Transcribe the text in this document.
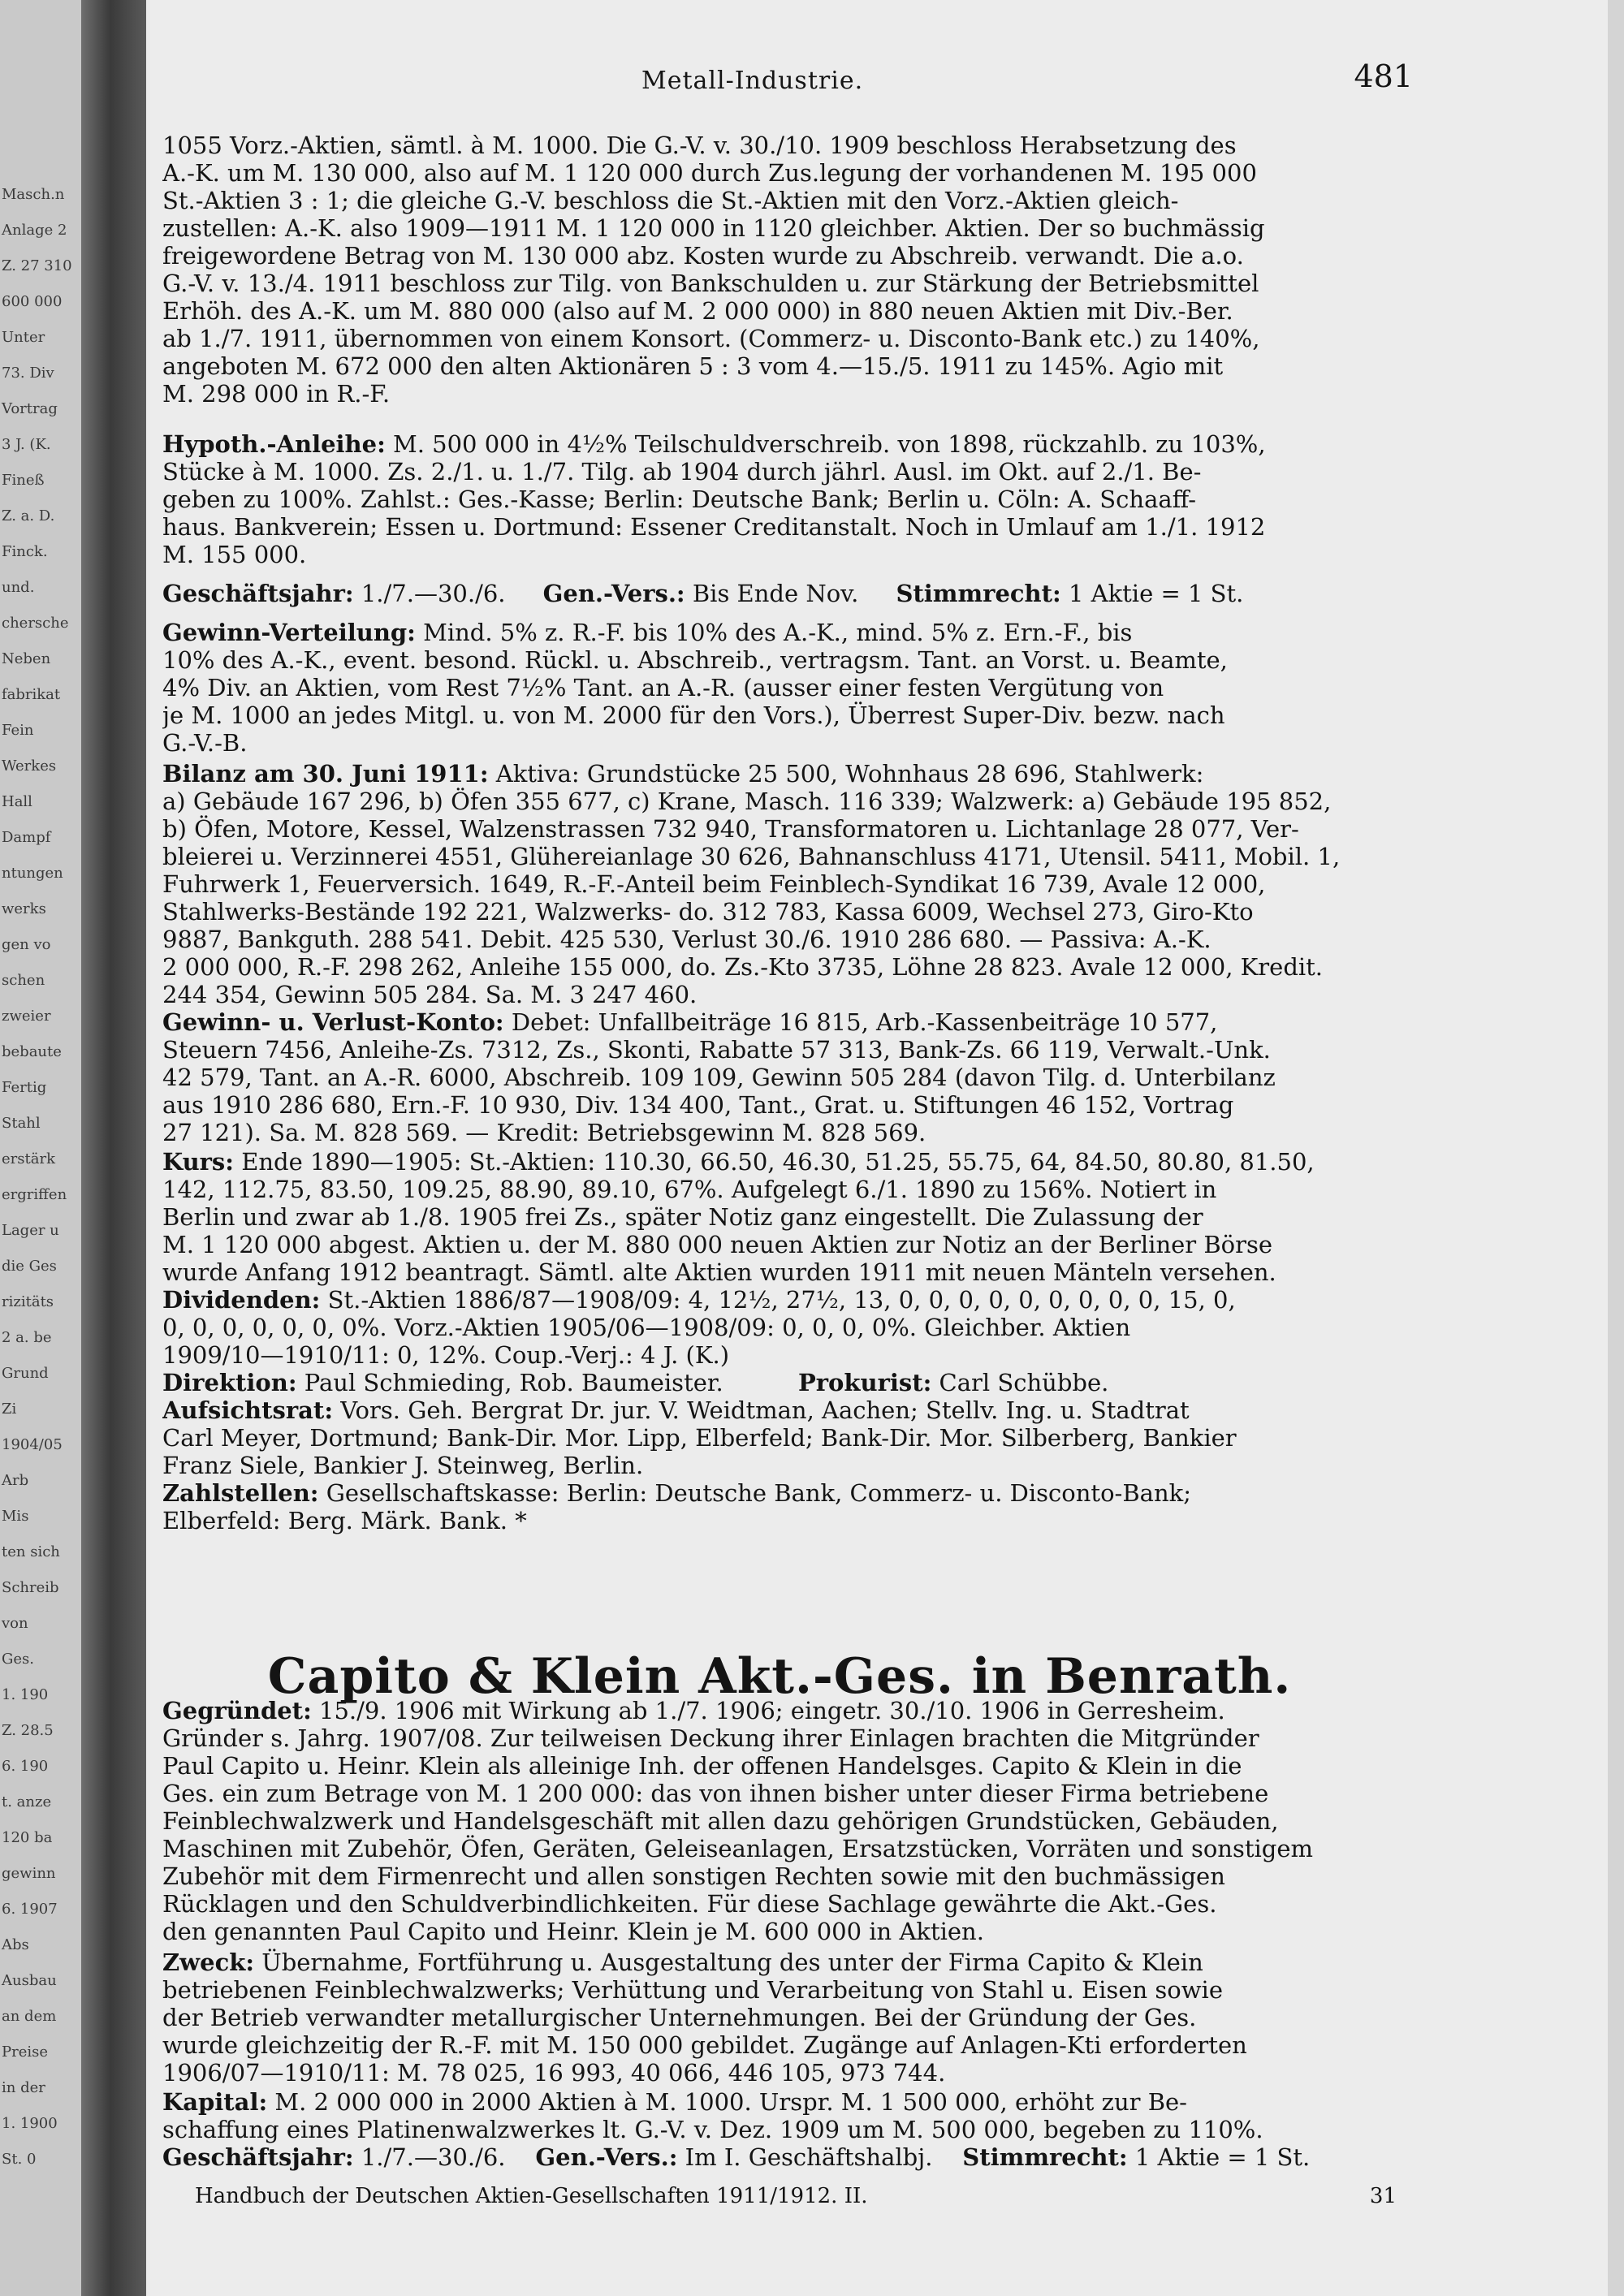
Masch.n
Anlage 2
Z. 27 310
600 000
Unter
73. Div
Vortrag
3 J. (K.
Fineß
Z. a. D.
Finck.
und.
chersche
Neben
fabrikat
Fein
Werkes
Hall
Dampf
ntungen
werks
gen vo
schen
zweier
bebaute
Fertig
Stahl
erstärk
ergriffen
Lager u
die Ges
rizitäts
2 a. be
Grund
Zi
1904/05
Arb
Mis
ten sich
Schreib
von
Ges.
1. 190
Z. 28.5
6. 190
t. anze
120 ba
gewinn
6. 1907
Abs
Ausbau
an dem
Preise
in der
1. 1900
St. 0
Metall-Industrie.	481
1055 Vorz.-Aktien, sämtl. à M. 1000. Die G.-V. v. 30./10. 1909 beschloss Herabsetzung des
A.-K. um M. 130 000, also auf M. 1 120 000 durch Zus.legung der vorhandenen M. 195 000
St.-Aktien 3 : 1; die gleiche G.-V. beschloss die St.-Aktien mit den Vorz.-Aktien gleich-
zustellen: A.-K. also 1909—1911 M. 1 120 000 in 1120 gleichber. Aktien. Der so buchmässig
freigewordene Betrag von M. 130 000 abz. Kosten wurde zu Abschreib. verwandt. Die a.o.
G.-V. v. 13./4. 1911 beschloss zur Tilg. von Bankschulden u. zur Stärkung der Betriebsmittel
Erhöh. des A.-K. um M. 880 000 (also auf M. 2 000 000) in 880 neuen Aktien mit Div.-Ber.
ab 1./7. 1911, übernommen von einem Konsort. (Commerz- u. Disconto-Bank etc.) zu 140%,
angeboten M. 672 000 den alten Aktionären 5 : 3 vom 4.—15./5. 1911 zu 145%. Agio mit
M. 298 000 in R.-F.
Hypoth.-Anleihe: M. 500 000 in 4½% Teilschuldverschreib. von 1898, rückzahlb. zu 103%,
Stücke à M. 1000. Zs. 2./1. u. 1./7. Tilg. ab 1904 durch jährl. Ausl. im Okt. auf 2./1. Be-
geben zu 100%. Zahlst.: Ges.-Kasse; Berlin: Deutsche Bank; Berlin u. Cöln: A. Schaaff-
haus. Bankverein; Essen u. Dortmund: Essener Creditanstalt. Noch in Umlauf am 1./1. 1912
M. 155 000.
Geschäftsjahr: 1./7.—30./6. Gen.-Vers.: Bis Ende Nov. Stimmrecht: 1 Aktie = 1 St.
Gewinn-Verteilung: Mind. 5% z. R.-F. bis 10% des A.-K., mind. 5% z. Ern.-F., bis
10% des A.-K., event. besond. Rückl. u. Abschreib., vertragsm. Tant. an Vorst. u. Beamte,
4% Div. an Aktien, vom Rest 7½% Tant. an A.-R. (ausser einer festen Vergütung von
je M. 1000 an jedes Mitgl. u. von M. 2000 für den Vors.), Überrest Super-Div. bezw. nach
G.-V.-B.
Bilanz am 30. Juni 1911: Aktiva: Grundstücke 25 500, Wohnhaus 28 696, Stahlwerk:
a) Gebäude 167 296, b) Öfen 355 677, c) Krane, Masch. 116 339; Walzwerk: a) Gebäude 195 852,
b) Öfen, Motore, Kessel, Walzenstrassen 732 940, Transformatoren u. Lichtanlage 28 077, Ver-
bleierei u. Verzinnerei 4551, Glühereianlage 30 626, Bahnanschluss 4171, Utensil. 5411, Mobil. 1,
Fuhrwerk 1, Feuerversich. 1649, R.-F.-Anteil beim Feinblech-Syndikat 16 739, Avale 12 000,
Stahlwerks-Bestände 192 221, Walzwerks- do. 312 783, Kassa 6009, Wechsel 273, Giro-Kto
9887, Bankguth. 288 541. Debit. 425 530, Verlust 30./6. 1910 286 680. — Passiva: A.-K.
2 000 000, R.-F. 298 262, Anleihe 155 000, do. Zs.-Kto 3735, Löhne 28 823. Avale 12 000, Kredit.
244 354, Gewinn 505 284. Sa. M. 3 247 460.
Gewinn- u. Verlust-Konto: Debet: Unfallbeiträge 16 815, Arb.-Kassenbeiträge 10 577,
Steuern 7456, Anleihe-Zs. 7312, Zs., Skonti, Rabatte 57 313, Bank-Zs. 66 119, Verwalt.-Unk.
42 579, Tant. an A.-R. 6000, Abschreib. 109 109, Gewinn 505 284 (davon Tilg. d. Unterbilanz
aus 1910 286 680, Ern.-F. 10 930, Div. 134 400, Tant., Grat. u. Stiftungen 46 152, Vortrag
27 121). Sa. M. 828 569. — Kredit: Betriebsgewinn M. 828 569.
Kurs: Ende 1890—1905: St.-Aktien: 110.30, 66.50, 46.30, 51.25, 55.75, 64, 84.50, 80.80, 81.50,
142, 112.75, 83.50, 109.25, 88.90, 89.10, 67%. Aufgelegt 6./1. 1890 zu 156%. Notiert in
Berlin und zwar ab 1./8. 1905 frei Zs., später Notiz ganz eingestellt. Die Zulassung der
M. 1 120 000 abgest. Aktien u. der M. 880 000 neuen Aktien zur Notiz an der Berliner Börse
wurde Anfang 1912 beantragt. Sämtl. alte Aktien wurden 1911 mit neuen Mänteln versehen.
Dividenden: St.-Aktien 1886/87—1908/09: 4, 12½, 27½, 13, 0, 0, 0, 0, 0, 0, 0, 0, 0, 15, 0,
0, 0, 0, 0, 0, 0, 0%. Vorz.-Aktien 1905/06—1908/09: 0, 0, 0, 0%. Gleichber. Aktien
1909/10—1910/11: 0, 12%. Coup.-Verj.: 4 J. (K.)
Direktion: Paul Schmieding, Rob. Baumeister.	Prokurist: Carl Schübbe.
Aufsichtsrat: Vors. Geh. Bergrat Dr. jur. V. Weidtman, Aachen; Stellv. Ing. u. Stadtrat
Carl Meyer, Dortmund; Bank-Dir. Mor. Lipp, Elberfeld; Bank-Dir. Mor. Silberberg, Bankier
Franz Siele, Bankier J. Steinweg, Berlin.
Zahlstellen: Gesellschaftskasse: Berlin: Deutsche Bank, Commerz- u. Disconto-Bank;
Elberfeld: Berg. Märk. Bank. *
Capito & Klein Akt.-Ges. in Benrath.
Gegründet: 15./9. 1906 mit Wirkung ab 1./7. 1906; eingetr. 30./10. 1906 in Gerresheim.
Gründer s. Jahrg. 1907/08. Zur teilweisen Deckung ihrer Einlagen brachten die Mitgründer
Paul Capito u. Heinr. Klein als alleinige Inh. der offenen Handelsges. Capito & Klein in die
Ges. ein zum Betrage von M. 1 200 000: das von ihnen bisher unter dieser Firma betriebene
Feinblechwalzwerk und Handelsgeschäft mit allen dazu gehörigen Grundstücken, Gebäuden,
Maschinen mit Zubehör, Öfen, Geräten, Geleiseanlagen, Ersatzstücken, Vorräten und sonstigem
Zubehör mit dem Firmenrecht und allen sonstigen Rechten sowie mit den buchmässigen
Rücklagen und den Schuldverbindlichkeiten. Für diese Sachlage gewährte die Akt.-Ges.
den genannten Paul Capito und Heinr. Klein je M. 600 000 in Aktien.
Zweck: Übernahme, Fortführung u. Ausgestaltung des unter der Firma Capito & Klein
betriebenen Feinblechwalzwerks; Verhüttung und Verarbeitung von Stahl u. Eisen sowie
der Betrieb verwandter metallurgischer Unternehmungen. Bei der Gründung der Ges.
wurde gleichzeitig der R.-F. mit M. 150 000 gebildet. Zugänge auf Anlagen-Kti erforderten
1906/07—1910/11: M. 78 025, 16 993, 40 066, 446 105, 973 744.
Kapital: M. 2 000 000 in 2000 Aktien à M. 1000. Urspr. M. 1 500 000, erhöht zur Be-
schaffung eines Platinenwalzwerkes lt. G.-V. v. Dez. 1909 um M. 500 000, begeben zu 110%.
Geschäftsjahr: 1./7.—30./6. Gen.-Vers.: Im I. Geschäftshalbj. Stimmrecht: 1 Aktie = 1 St.
Handbuch der Deutschen Aktien-Gesellschaften 1911/1912. II.	31
